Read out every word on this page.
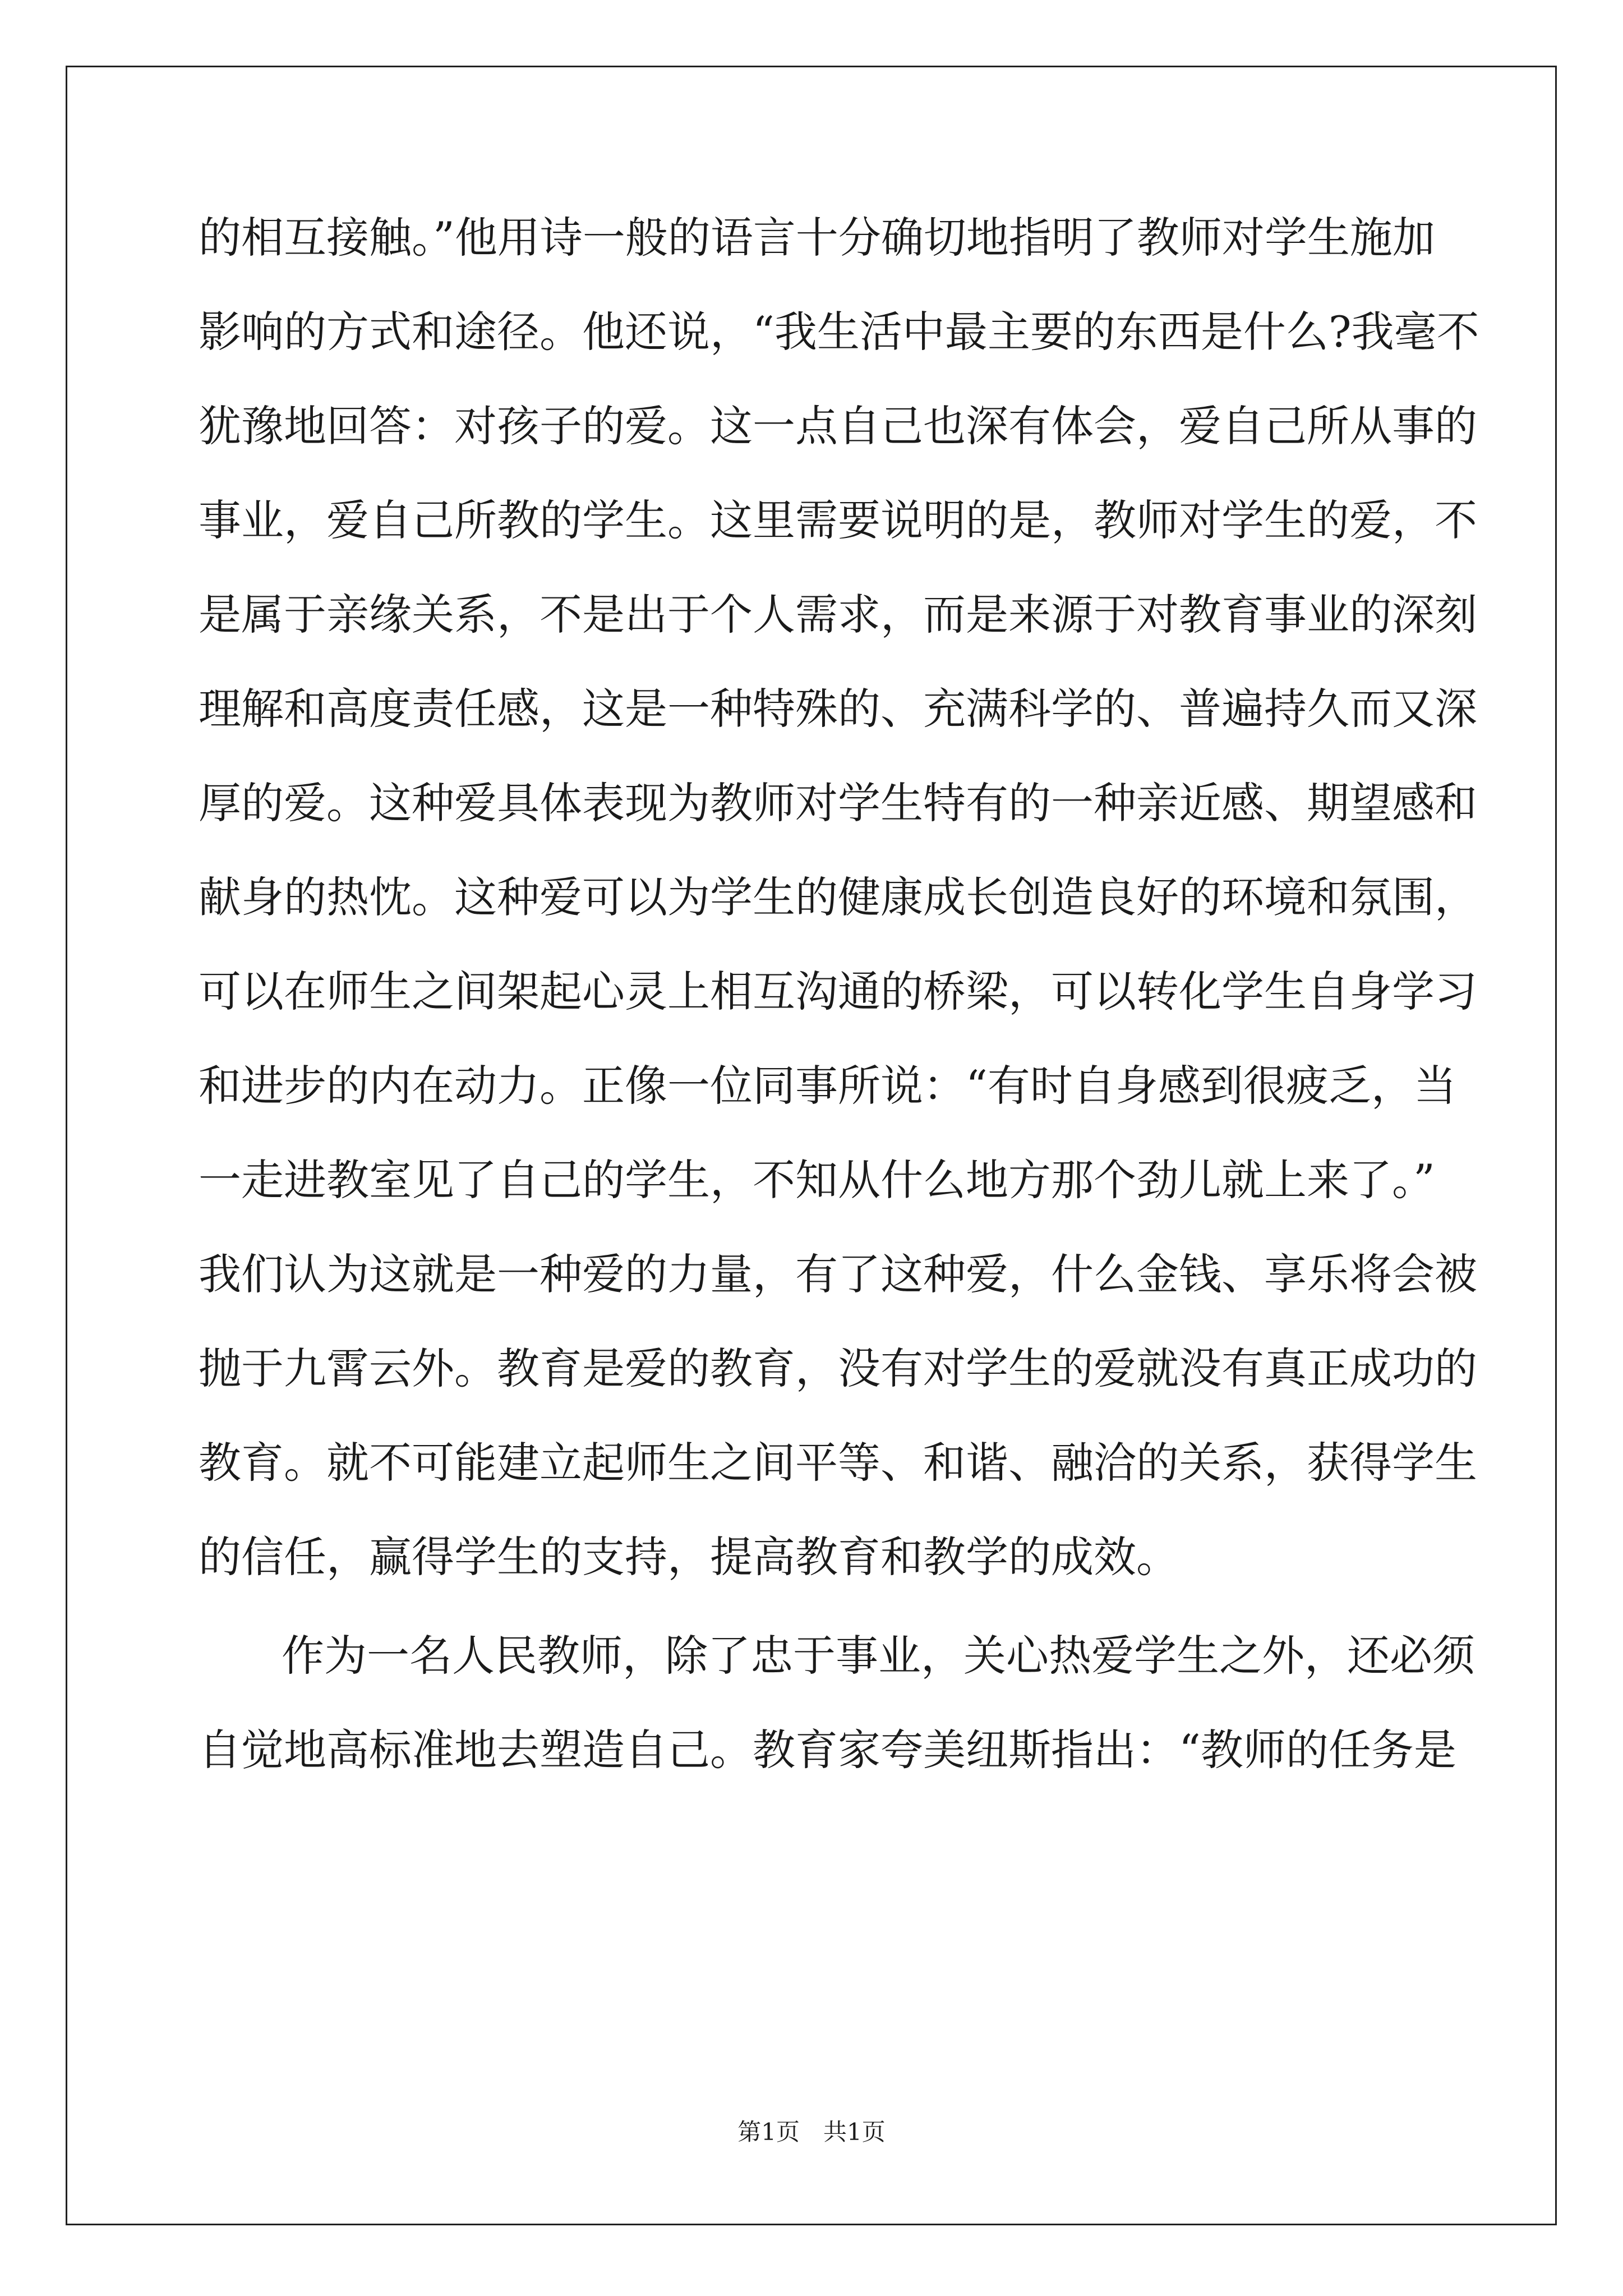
的相互接触。”他用诗一般的语言十分确切地指明了教师对学生施加
影响的方式和途径。他还说，“我生活中最主要的东西是什么?我毫不
犹豫地回答：对孩子的爱。这一点自己也深有体会，爱自己所从事的
事业，爱自己所教的学生。这里需要说明的是，教师对学生的爱，不
是属于亲缘关系，不是出于个人需求，而是来源于对教育事业的深刻
理解和高度责任感，这是一种特殊的、充满科学的、普遍持久而又深
厚的爱。这种爱具体表现为教师对学生特有的一种亲近感、期望感和
献身的热忱。这种爱可以为学生的健康成长创造良好的环境和氛围，
可以在师生之间架起心灵上相互沟通的桥梁，可以转化学生自身学习
和进步的内在动力。正像一位同事所说：“有时自身感到很疲乏，当
一走进教室见了自己的学生，不知从什么地方那个劲儿就上来了。”
我们认为这就是一种爱的力量，有了这种爱，什么金钱、享乐将会被
抛于九霄云外。教育是爱的教育，没有对学生的爱就没有真正成功的
教育。就不可能建立起师生之间平等、和谐、融洽的关系，获得学生
的信任，赢得学生的支持，提高教育和教学的成效。
作为一名人民教师，除了忠于事业，关心热爱学生之外，还必须
自觉地高标准地去塑造自己。教育家夸美纽斯指出：“教师的任务是
第1页　共1页
